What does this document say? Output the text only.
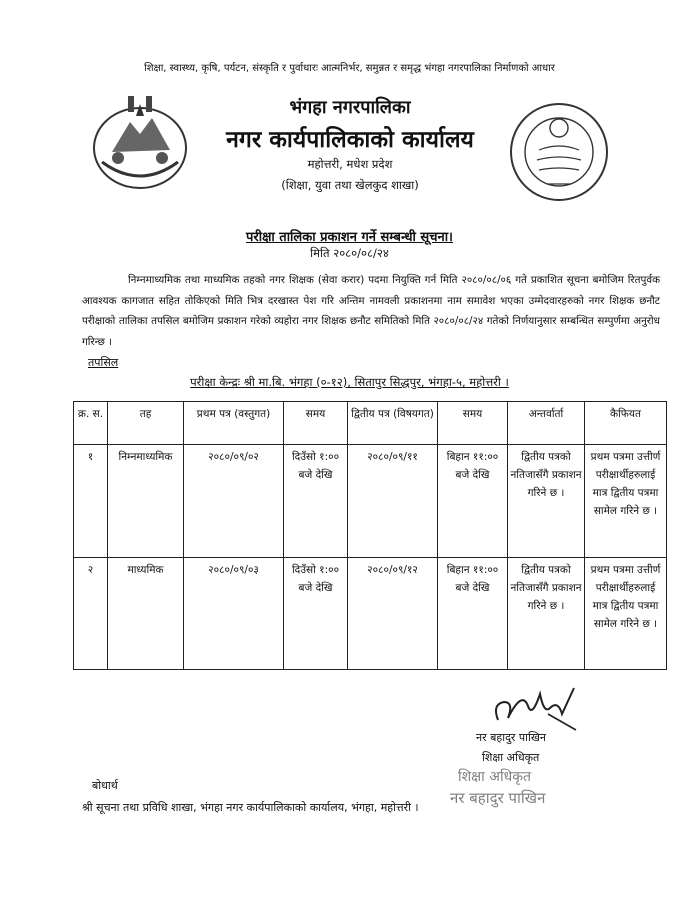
शिक्षा, स्वास्थ्य, कृषि, पर्यटन, संस्कृति र पुर्वाधारः आत्मनिर्भर, समुन्नत र समृद्ध भंगहा नगरपालिका निर्माणको आधार
भंगहा नगरपालिका
नगर कार्यपालिकाको कार्यालय
महोत्तरी, मधेश प्रदेश
(शिक्षा, युवा तथा खेलकुद शाखा)
परीक्षा तालिका प्रकाशन गर्ने सम्बन्धी सूचना।
मिति २०८०/०८/२४

निम्नमाध्यमिक तथा माध्यमिक तहको नगर शिक्षक (सेवा करार) पदमा नियुक्ति गर्न मिति २०८०/०८/०६ गते प्रकाशित सूचना बमोजिम रितपुर्वक आवश्यक कागजात सहित तोकिएको मिति भित्र दरखास्त पेश गरि अन्तिम नामवली प्रकाशनमा नाम समावेश भएका उम्मेदवारहरुको नगर शिक्षक छनौट परीक्षाको तालिका तपसिल बमोजिम प्रकाशन गरेको व्यहोरा नगर शिक्षक छनौट समितिको मिति २०८०/०८/२४ गतेको निर्णयानुसार सम्बन्धित सम्पुर्णमा अनुरोध गरिन्छ ।

तपसिल
परीक्षा केन्द्रः श्री मा.बि. भंगहा (०-१२), सितापुर सिद्धपुर, भंगहा-५, महोत्तरी ।
क्र. स.	तह	प्रथम पत्र (वस्तुगत)	समय	द्वितीय पत्र (विषयगत)	समय	अन्तर्वार्ता	कैफियत
१	निम्नमाध्यमिक	२०८०/०९/०२	दिउँसो १:०० बजे देखि	२०८०/०९/११	बिहान ११:०० बजे देखि	द्वितीय पत्रको नतिजासँगै प्रकाशन गरिने छ ।	प्रथम पत्रमा उत्तीर्ण परीक्षार्थीहरुलाई मात्र द्वितीय पत्रमा सामेल गरिने छ ।
२	माध्यमिक	२०८०/०९/०३	दिउँसो १:०० बजे देखि	२०८०/०९/१२	बिहान ११:०० बजे देखि	द्वितीय पत्रको नतिजासँगै प्रकाशन गरिने छ ।	प्रथम पत्रमा उत्तीर्ण परीक्षार्थीहरुलाई मात्र द्वितीय पत्रमा सामेल गरिने छ ।
नर बहादुर पाखिन
शिक्षा अधिकृत
शिक्षा अधिकृत
नर बहादुर पाखिन
बोधार्थ
श्री सूचना तथा प्रविधि शाखा, भंगहा नगर कार्यपालिकाको कार्यालय, भंगहा, महोत्तरी ।
